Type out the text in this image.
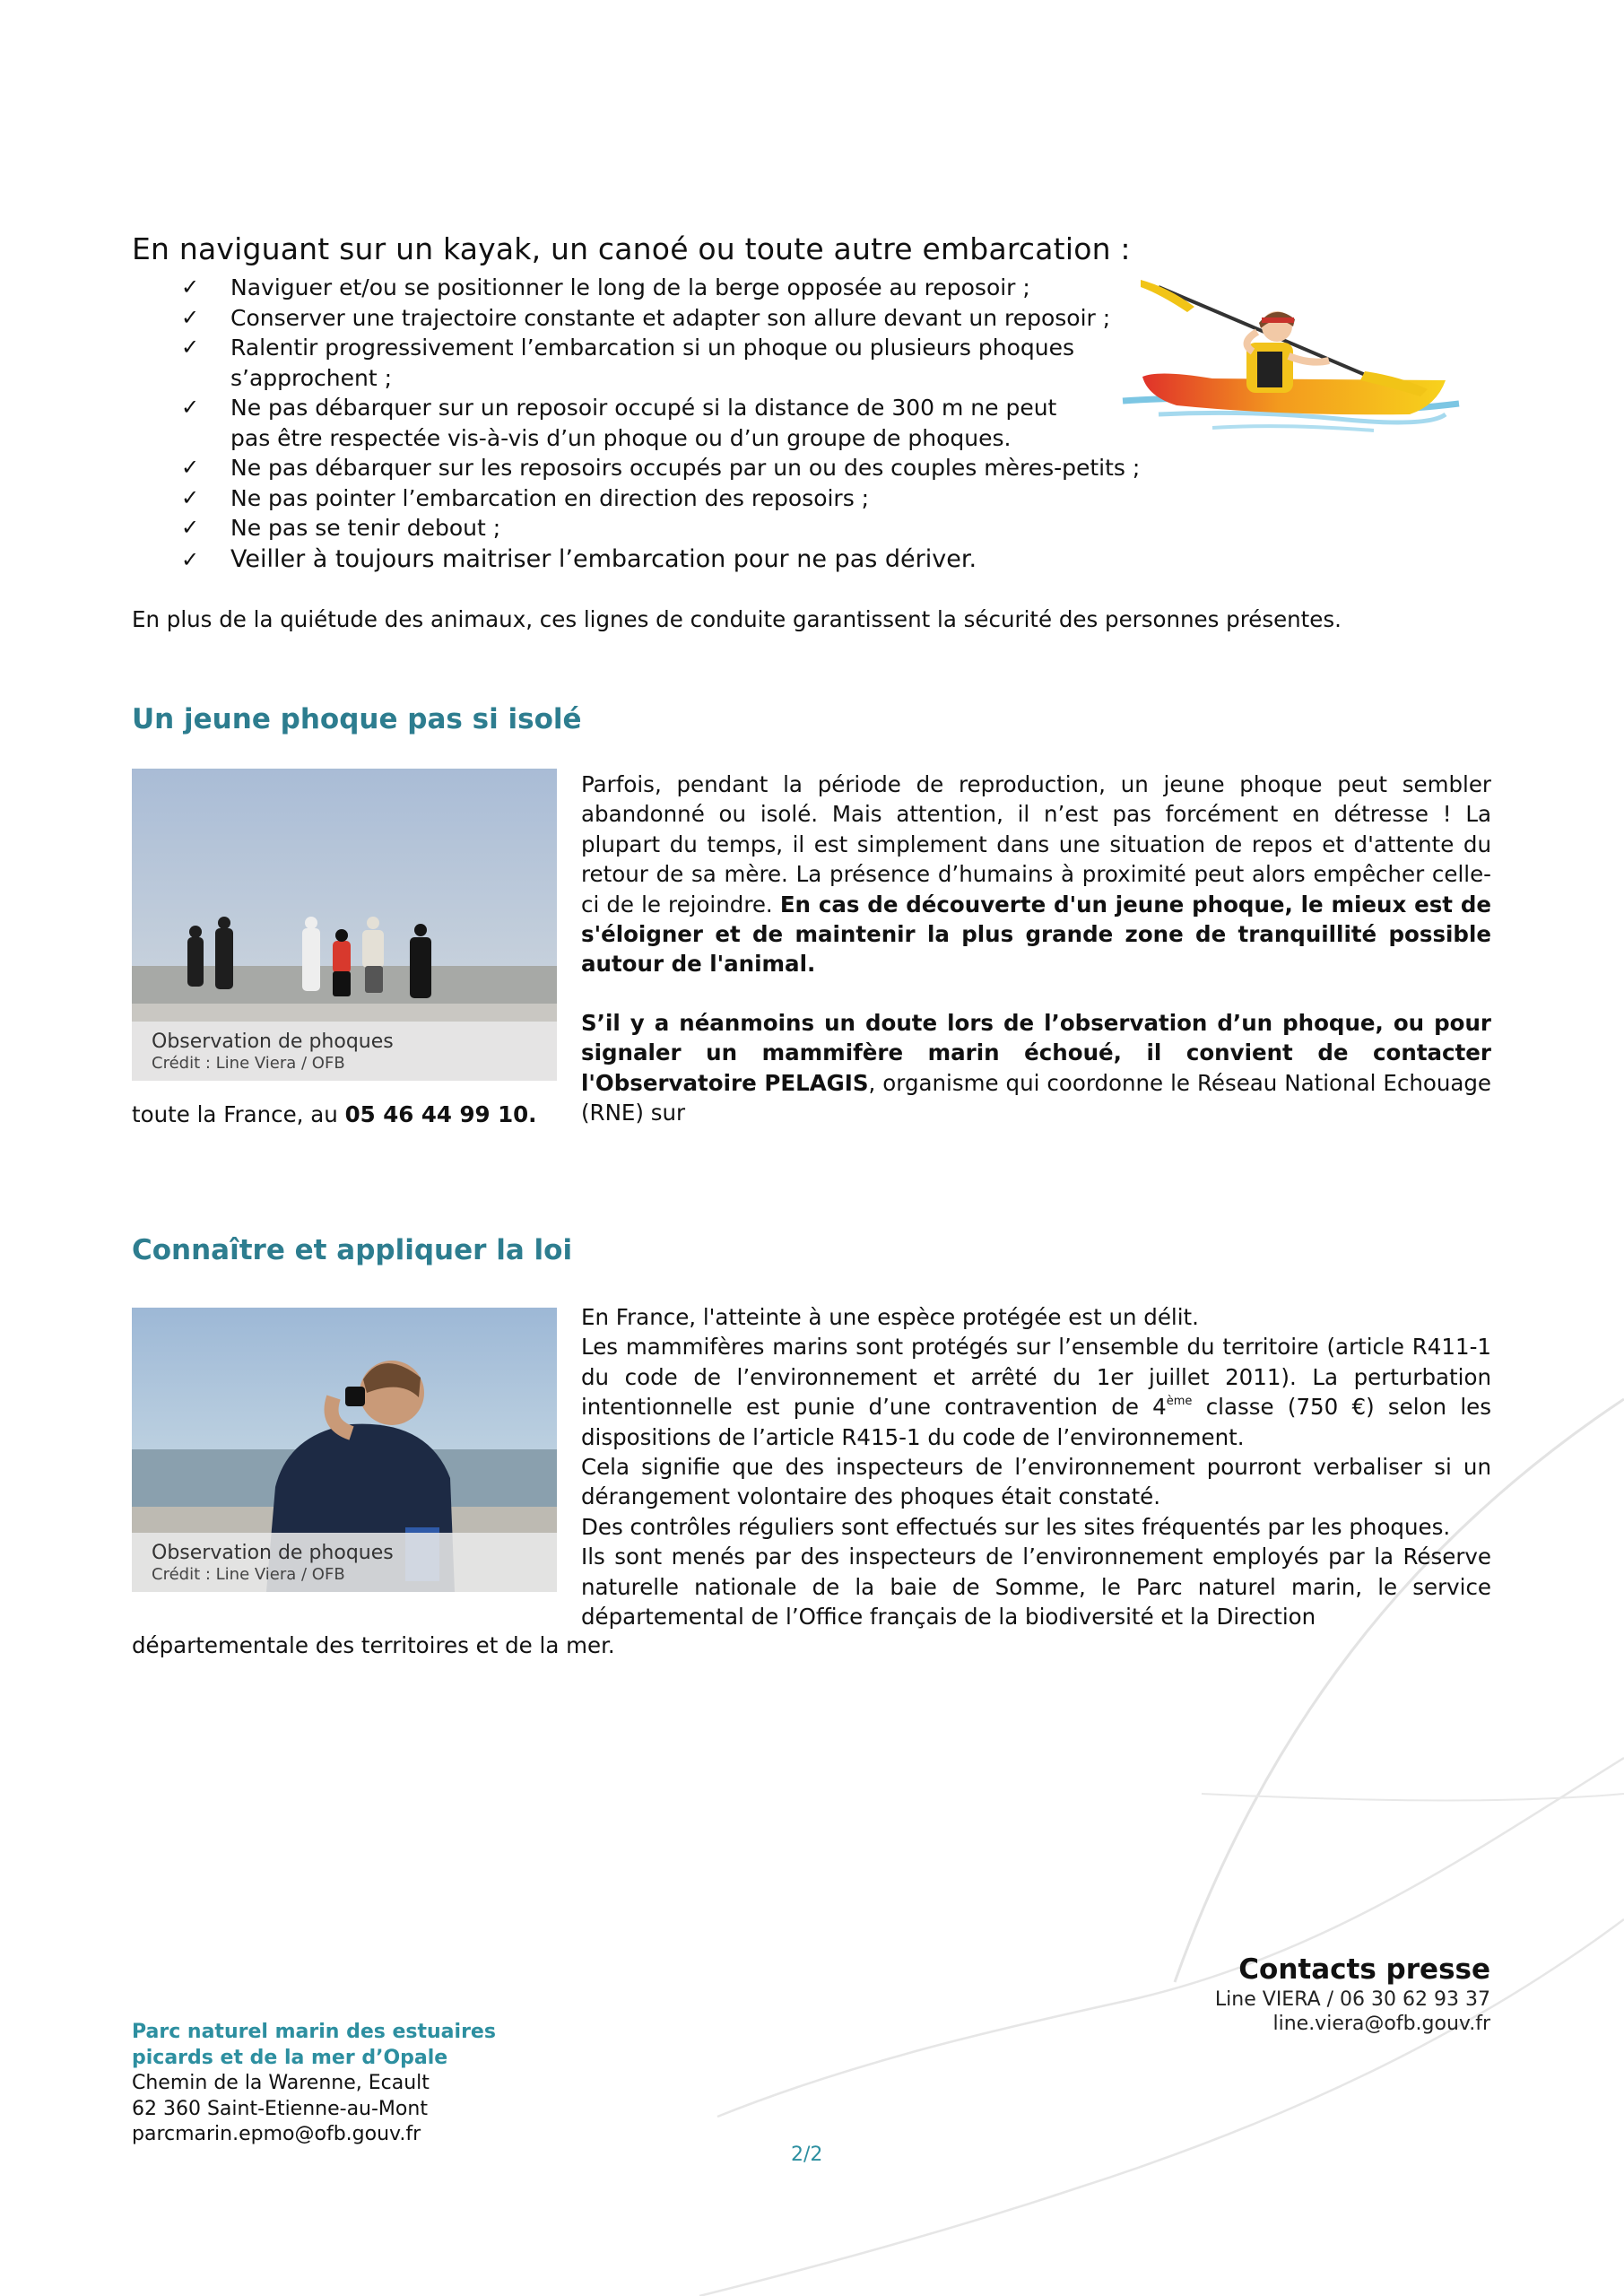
En naviguant sur un kayak, un canoé ou toute autre embarcation :
✓ Naviguer et/ou se positionner le long de la berge opposée au reposoir ;
✓ Conserver une trajectoire constante et adapter son allure devant un reposoir ;
✓ Ralentir progressivement l’embarcation si un phoque ou plusieurs phoques
s’approchent ;
✓ Ne pas débarquer sur un reposoir occupé si la distance de 300 m ne peut
pas être respectée vis-à-vis d’un phoque ou d’un groupe de phoques.
✓ Ne pas débarquer sur les reposoirs occupés par un ou des couples mères-petits ;
✓ Ne pas pointer l’embarcation en direction des reposoirs ;
✓ Ne pas se tenir debout ;
✓ Veiller à toujours maitriser l’embarcation pour ne pas dériver.
En plus de la quiétude des animaux, ces lignes de conduite garantissent la sécurité des personnes présentes.
Un jeune phoque pas si isolé
Observation de phoques
Crédit : Line Viera / OFB

Parfois, pendant la période de reproduction, un jeune phoque peut sembler abandonné ou isolé. Mais attention, il n’est pas forcément en détresse ! La plupart du temps, il est simplement dans une situation de repos et d'attente du retour de sa mère. La présence d’humains à proximité peut alors empêcher celle-ci de le rejoindre. En cas de découverte d'un jeune phoque, le mieux est de s'éloigner et de maintenir la plus grande zone de tranquillité possible autour de l'animal.

S’il y a néanmoins un doute lors de l’observation d’un phoque, ou pour signaler un mammifère marin échoué, il convient de contacter l'Observatoire PELAGIS, organisme qui coordonne le Réseau National Echouage (RNE) sur

toute la France, au 05 46 44 99 10.
Connaître et appliquer la loi
Observation de phoques
Crédit : Line Viera / OFB

En France, l'atteinte à une espèce protégée est un délit.

Les mammifères marins sont protégés sur l’ensemble du territoire (article R411-1 du code de l’environnement et arrêté du 1er juillet 2011). La perturbation intentionnelle est punie d’une contravention de 4ème classe (750 €) selon les dispositions de l’article R415-1 du code de l’environnement.

Cela signifie que des inspecteurs de l’environnement pourront verbaliser si un dérangement volontaire des phoques était constaté.

Des contrôles réguliers sont effectués sur les sites fréquentés par les phoques.

Ils sont menés par des inspecteurs de l’environnement employés par la Réserve naturelle nationale de la baie de Somme, le Parc naturel marin, le service départemental de l’Office français de la biodiversité et la Direction

départementale des territoires et de la mer.
Contacts presse
Line VIERA / 06 30 62 93 37
line.viera@ofb.gouv.fr
Parc naturel marin des estuaires
picards et de la mer d’Opale
Chemin de la Warenne, Ecault
62 360 Saint-Etienne-au-Mont
parcmarin.epmo@ofb.gouv.fr
2/2
